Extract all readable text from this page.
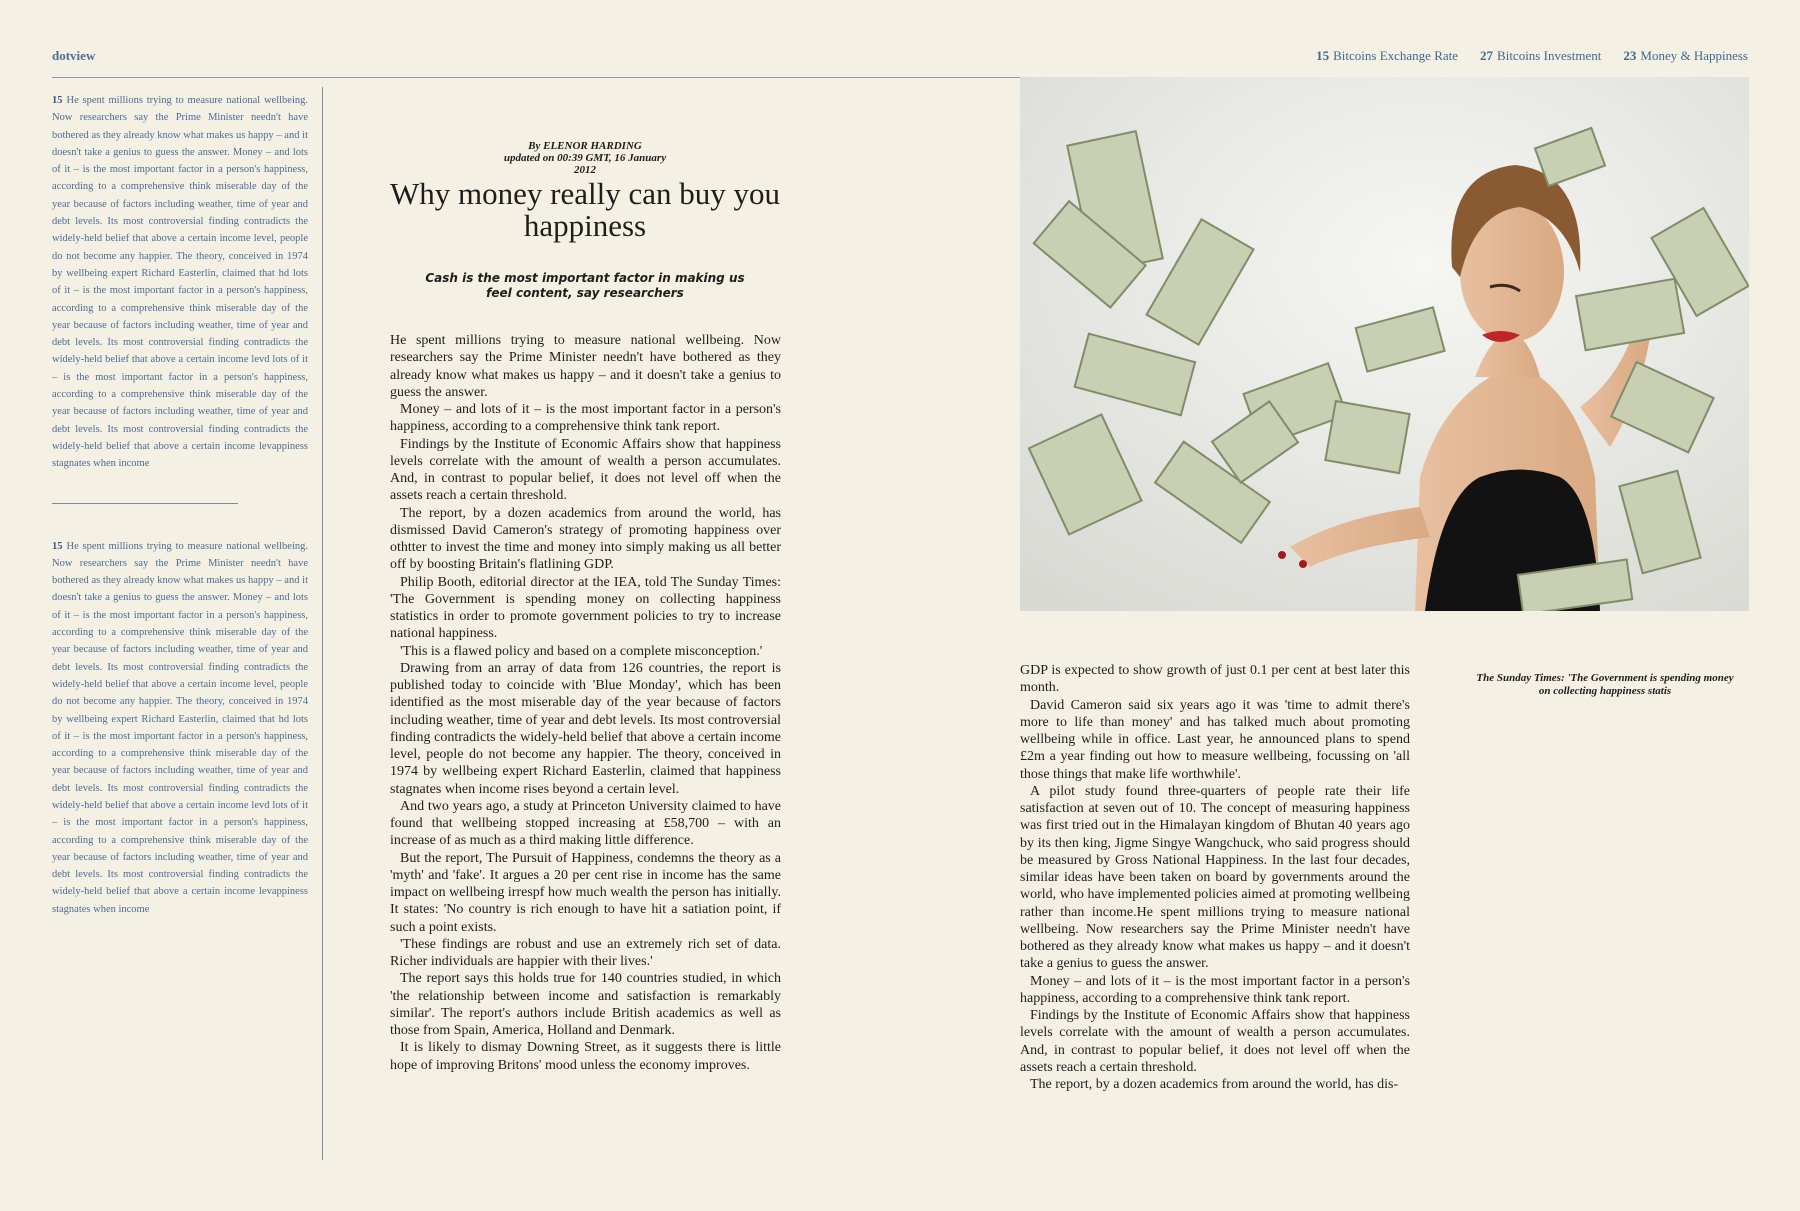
dotview	15 Bitcoins Exchange Rate 27 Bitcoins Investment 23 Money & Happiness
15 He spent millions trying to measure national wellbeing. Now researchers say the Prime Minister needn't have bothered as they already know what makes us happy – and it doesn't take a genius to guess the answer. Money – and lots of it – is the most important factor in a person's happiness, according to a comprehensive think miserable day of the year because of factors including weather, time of year and debt levels. Its most controversial finding contradicts the widely-held belief that above a certain income level, people do not become any happier. The theory, conceived in 1974 by wellbeing expert Richard Easterlin, claimed that hd lots of it – is the most important factor in a person's happiness, according to a comprehensive think miserable day of the year because of factors including weather, time of year and debt levels. Its most controversial finding contradicts the widely-held belief that above a certain income levd lots of it – is the most important factor in a person's happiness, according to a comprehensive think miserable day of the year because of factors including weather, time of year and debt levels. Its most controversial finding contradicts the widely-held belief that above a certain income levappiness stagnates when income
15 He spent millions trying to measure national wellbeing. Now researchers say the Prime Minister needn't have bothered as they already know what makes us happy – and it doesn't take a genius to guess the answer. Money – and lots of it – is the most important factor in a person's happiness, according to a comprehensive think miserable day of the year because of factors including weather, time of year and debt levels. Its most controversial finding contradicts the widely-held belief that above a certain income level, people do not become any happier. The theory, conceived in 1974 by wellbeing expert Richard Easterlin, claimed that hd lots of it – is the most important factor in a person's happiness, according to a comprehensive think miserable day of the year because of factors including weather, time of year and debt levels. Its most controversial finding contradicts the widely-held belief that above a certain income levd lots of it – is the most important factor in a person's happiness, according to a comprehensive think miserable day of the year because of factors including weather, time of year and debt levels. Its most controversial finding contradicts the widely-held belief that above a certain income levappiness stagnates when income
By ELENOR HARDING
updated on 00:39 GMT, 16 January
2012
Why money really can buy you happiness
Cash is the most important factor in making us feel content, say researchers

He spent millions trying to measure national wellbeing. Now researchers say the Prime Minister needn't have bothered as they already know what makes us happy – and it doesn't take a genius to guess the answer.

Money – and lots of it – is the most important factor in a person's happiness, according to a comprehensive think tank report.

Findings by the Institute of Economic Affairs show that happiness levels correlate with the amount of wealth a person accumulates. And, in contrast to popular belief, it does not level off when the assets reach a certain threshold.

The report, by a dozen academics from around the world, has dismissed David Cameron's strategy of promoting happiness over othtter to invest the time and money into simply making us all better off by boosting Britain's flatlining GDP.

Philip Booth, editorial director at the IEA, told The Sunday Times: 'The Government is spending money on collecting happiness statistics in order to promote government policies to try to increase national happiness.

'This is a flawed policy and based on a complete misconception.'

Drawing from an array of data from 126 countries, the report is published today to coincide with 'Blue Monday', which has been identified as the most miserable day of the year because of factors including weather, time of year and debt levels. Its most controversial finding contradicts the widely-held belief that above a certain income level, people do not become any happier. The theory, conceived in 1974 by wellbeing expert Richard Easterlin, claimed that happiness stagnates when income rises beyond a certain level.

And two years ago, a study at Princeton University claimed to have found that wellbeing stopped increasing at £58,700 – with an increase of as much as a third making little difference.

But the report, The Pursuit of Happiness, condemns the theory as a 'myth' and 'fake'. It argues a 20 per cent rise in income has the same impact on wellbeing irrespf how much wealth the person has initially. It states: 'No country is rich enough to have hit a satiation point, if such a point exists.

'These findings are robust and use an extremely rich set of data. Richer individuals are happier with their lives.'

The report says this holds true for 140 countries studied, in which 'the relationship between income and satisfaction is remarkably similar'. The report's authors include British academics as well as those from Spain, America, Holland and Denmark.

It is likely to dismay Downing Street, as it suggests there is little hope of improving Britons' mood unless the economy improves.

GDP is expected to show growth of just 0.1 per cent at best later this month.

David Cameron said six years ago it was 'time to admit there's more to life than money' and has talked much about promoting wellbeing while in office. Last year, he announced plans to spend £2m a year finding out how to measure wellbeing, focussing on 'all those things that make life worthwhile'.

A pilot study found three-quarters of people rate their life satisfaction at seven out of 10. The concept of measuring happiness was first tried out in the Himalayan kingdom of Bhutan 40 years ago by its then king, Jigme Singye Wangchuck, who said progress should be measured by Gross National Happiness. In the last four decades, similar ideas have been taken on board by governments around the world, who have implemented policies aimed at promoting wellbeing rather than income.He spent millions trying to measure national wellbeing. Now researchers say the Prime Minister needn't have bothered as they already know what makes us happy – and it doesn't take a genius to guess the answer.

Money – and lots of it – is the most important factor in a person's happiness, according to a comprehensive think tank report.

Findings by the Institute of Economic Affairs show that happiness levels correlate with the amount of wealth a person accumulates. And, in contrast to popular belief, it does not level off when the assets reach a certain threshold.

The report, by a dozen academics from around the world, has dis-

The Sunday Times: 'The Government is spending money on collecting happiness statis
